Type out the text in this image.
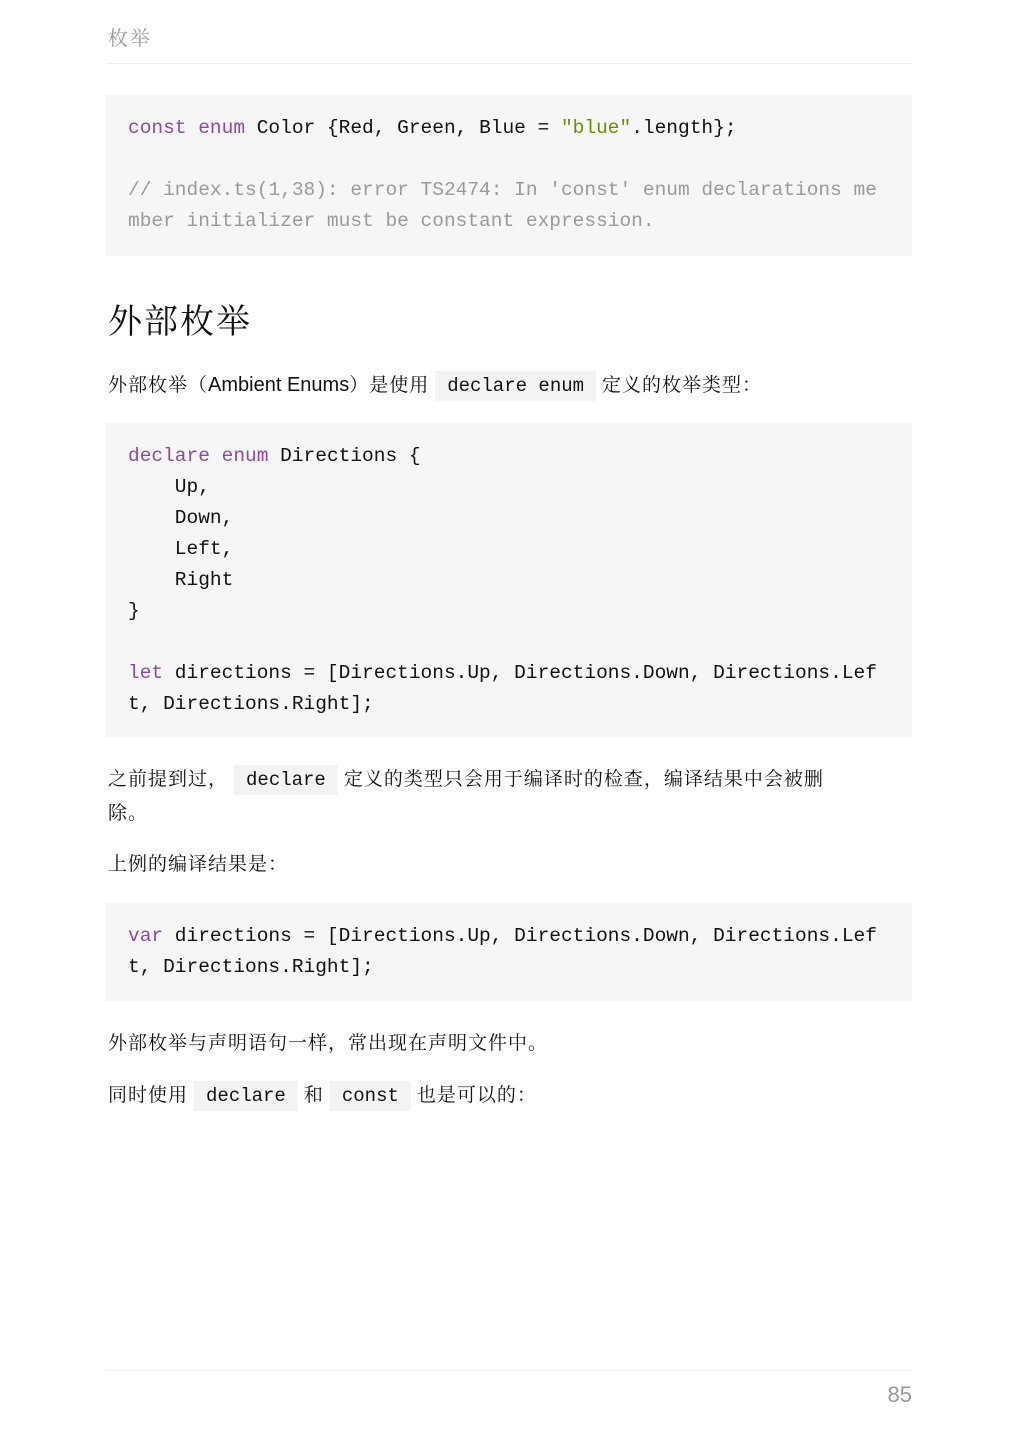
枚举
const enum Color {Red, Green, Blue = "blue".length};

// index.ts(1,38): error TS2474: In 'const' enum declarations me
mber initializer must be constant expression.
外部枚举
外部枚举（Ambient Enums）是使用 declare enum 定义的枚举类型：
declare enum Directions {
Up,
Down,
Left,
Right
}

let directions = [Directions.Up, Directions.Down, Directions.Lef
t, Directions.Right];
之前提到过， declare 定义的类型只会用于编译时的检查，编译结果中会被删
除。
上例的编译结果是：
var directions = [Directions.Up, Directions.Down, Directions.Lef
t, Directions.Right];
外部枚举与声明语句一样，常出现在声明文件中。
同时使用 declare 和 const 也是可以的：
85
